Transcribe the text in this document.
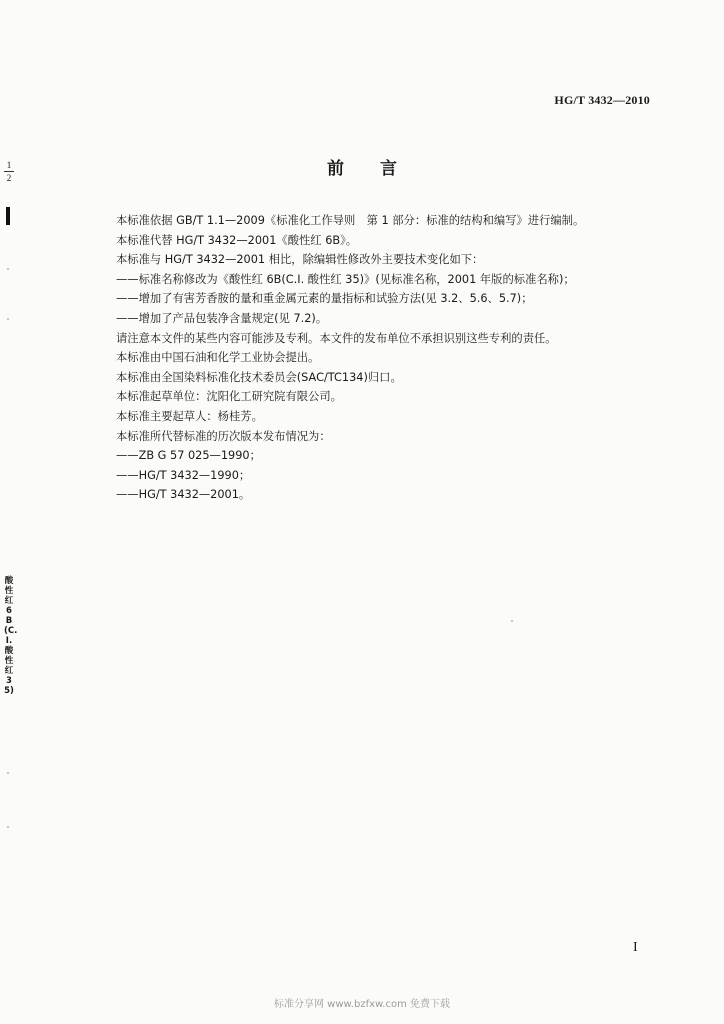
HG/T 3432—2010
1
2	前言

本标准依据 GB/T 1.1—2009《标准化工作导则　第 1 部分：标准的结构和编写》进行编制。

本标准代替 HG/T 3432—2001《酸性红 6B》。

本标准与 HG/T 3432—2001 相比，除编辑性修改外主要技术变化如下：

——标准名称修改为《酸性红 6B(C.I. 酸性红 35)》(见标准名称，2001 年版的标准名称)；

——增加了有害芳香胺的量和重金属元素的量指标和试验方法(见 3.2、5.6、5.7)；

——增加了产品包装净含量规定(见 7.2)。

请注意本文件的某些内容可能涉及专利。本文件的发布单位不承担识别这些专利的责任。

本标准由中国石油和化学工业协会提出。

本标准由全国染料标准化技术委员会(SAC/TC134)归口。

本标准起草单位：沈阳化工研究院有限公司。

本标准主要起草人：杨桂芳。

本标准所代替标准的历次版本发布情况为：

——ZB G 57 025—1990；

——HG/T 3432—1990；

——HG/T 3432—2001。

酸性红6B(C.I.酸性红35)
I
标准分享网 www.bzfxw.com 免费下载
